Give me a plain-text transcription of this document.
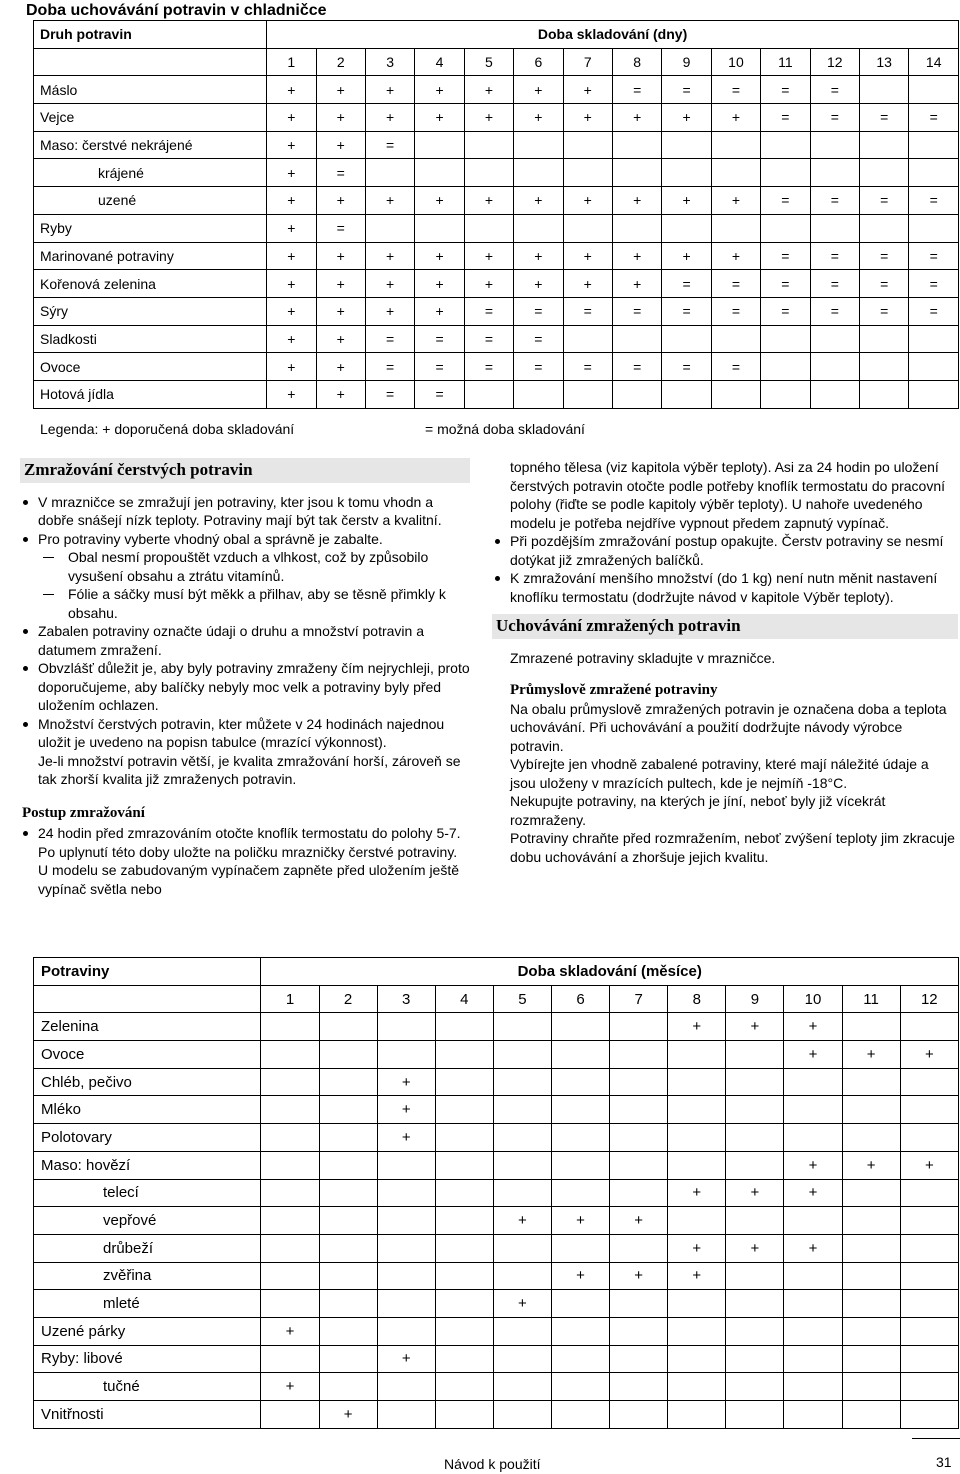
Doba uchovávání potravin v chladničce
Druh potravin	Doba skladování (dny)													
	1	2	3	4	5	6	7	8	9	10	11	12	13	14
Máslo	+	+	+	+	+	+	+	=	=	=	=	=		
Vejce	+	+	+	+	+	+	+	+	+	+	=	=	=	=
Maso: čerstvé nekrájené	+	+	=											
krájené	+	=												
uzené	+	+	+	+	+	+	+	+	+	+	=	=	=	=
Ryby	+	=												
Marinované potraviny	+	+	+	+	+	+	+	+	+	+	=	=	=	=
Kořenová zelenina	+	+	+	+	+	+	+	+	=	=	=	=	=	=
Sýry	+	+	+	+	=	=	=	=	=	=	=	=	=	=
Sladkosti	+	+	=	=	=	=								
Ovoce	+	+	=	=	=	=	=	=	=	=				
Hotová jídla	+	+	=	=										
Legenda: + doporučená doba skladování	= možná doba skladování
Zmražování čerstvých potravin
V mrazničce se zmražují jen potraviny, kter jsou k tomu vhodn a dobře snášejí nízk teploty. Potraviny mají být tak čerstv a kvalitní.
Pro potraviny vyberte vhodný obal a správně je zabalte.
Obal nesmí propouštět vzduch a vlhkost, což by způsobilo vysušení obsahu a ztrátu vitamínů.
Fólie a sáčky musí být měkk a přilhav, aby se těsně přimkly k obsahu.
Zabalen potraviny označte údaji o druhu a množství potravin a datumem zmražení.
Obvzlášť důležit je, aby byly potraviny zmraženy čím nejrychleji, proto doporučujeme, aby balíčky nebyly moc velk a potraviny byly před uložením ochlazen.
Množství čerstvých potravin, kter můžete v 24 hodinách najednou uložit je uvedeno na popisn tabulce (mrazící výkonnost).
Je-li množství potravin větší, je kvalita zmražování horší, zároveň se tak zhorší kvalita již zmraženych potravin.
Postup zmražování
24 hodin před zmrazováním otočte knoflík termostatu do polohy 5-7. Po uplynutí této doby uložte na poličku mrazničky čerstvé potraviny. U modelu se zabudovaným vypínačem zapněte před uložením ještě vypínač světla nebo
topného tělesa (viz kapitola výběr teploty). Asi za 24 hodin po uložení čerstvých potravin otočte podle potřeby knoflík termostatu do pracovní polohy (řiďte se podle kapitoly výběr teploty). U nahoře uvedeného modelu je potřeba nejdříve vypnout předem zapnutý vypínač.
Při pozdějším zmražování postup opakujte. Čerstv potraviny se nesmí dotýkat již zmražených balíčků.
K zmražování menšího množství (do 1 kg) není nutn měnit nastavení knoflíku termostatu (dodržujte návod v kapitole Výběr teploty).
Uchovávání zmražených potravin
Zmrazené potraviny skladujte v mrazničce.
Průmyslově zmražené potraviny
Na obalu průmyslově zmražených potravin je označena doba a teplota uchovávání. Při uchovávání a použití dodržujte návody výrobce potravin.
Vybírejte jen vhodně zabalené potraviny, které mají náležité údaje a jsou uloženy v mrazících pultech, kde je nejmíň -18°C.
Nekupujte potraviny, na kterých je jíní, neboť byly již vícekrát rozmraženy.
Potraviny chraňte před rozmražením, neboť zvýšení teploty jim zkracuje dobu uchovávání a zhoršuje jejich kvalitu.
Potraviny	Doba skladování (měsíce)											
	1	2	3	4	5	6	7	8	9	10	11	12
Zelenina								+	+	+		
Ovoce										+	+	+
Chléb, pečivo			+									
Mléko			+									
Polotovary			+									
Maso: hovězí										+	+	+
telecí								+	+	+		
vepřové					+	+	+					
drůbeží								+	+	+		
zvěřina						+	+	+				
mleté					+							
Uzené párky	+											
Ryby: libové			+									
tučné	+											
Vnitřnosti		+										
Návod k použití	31
